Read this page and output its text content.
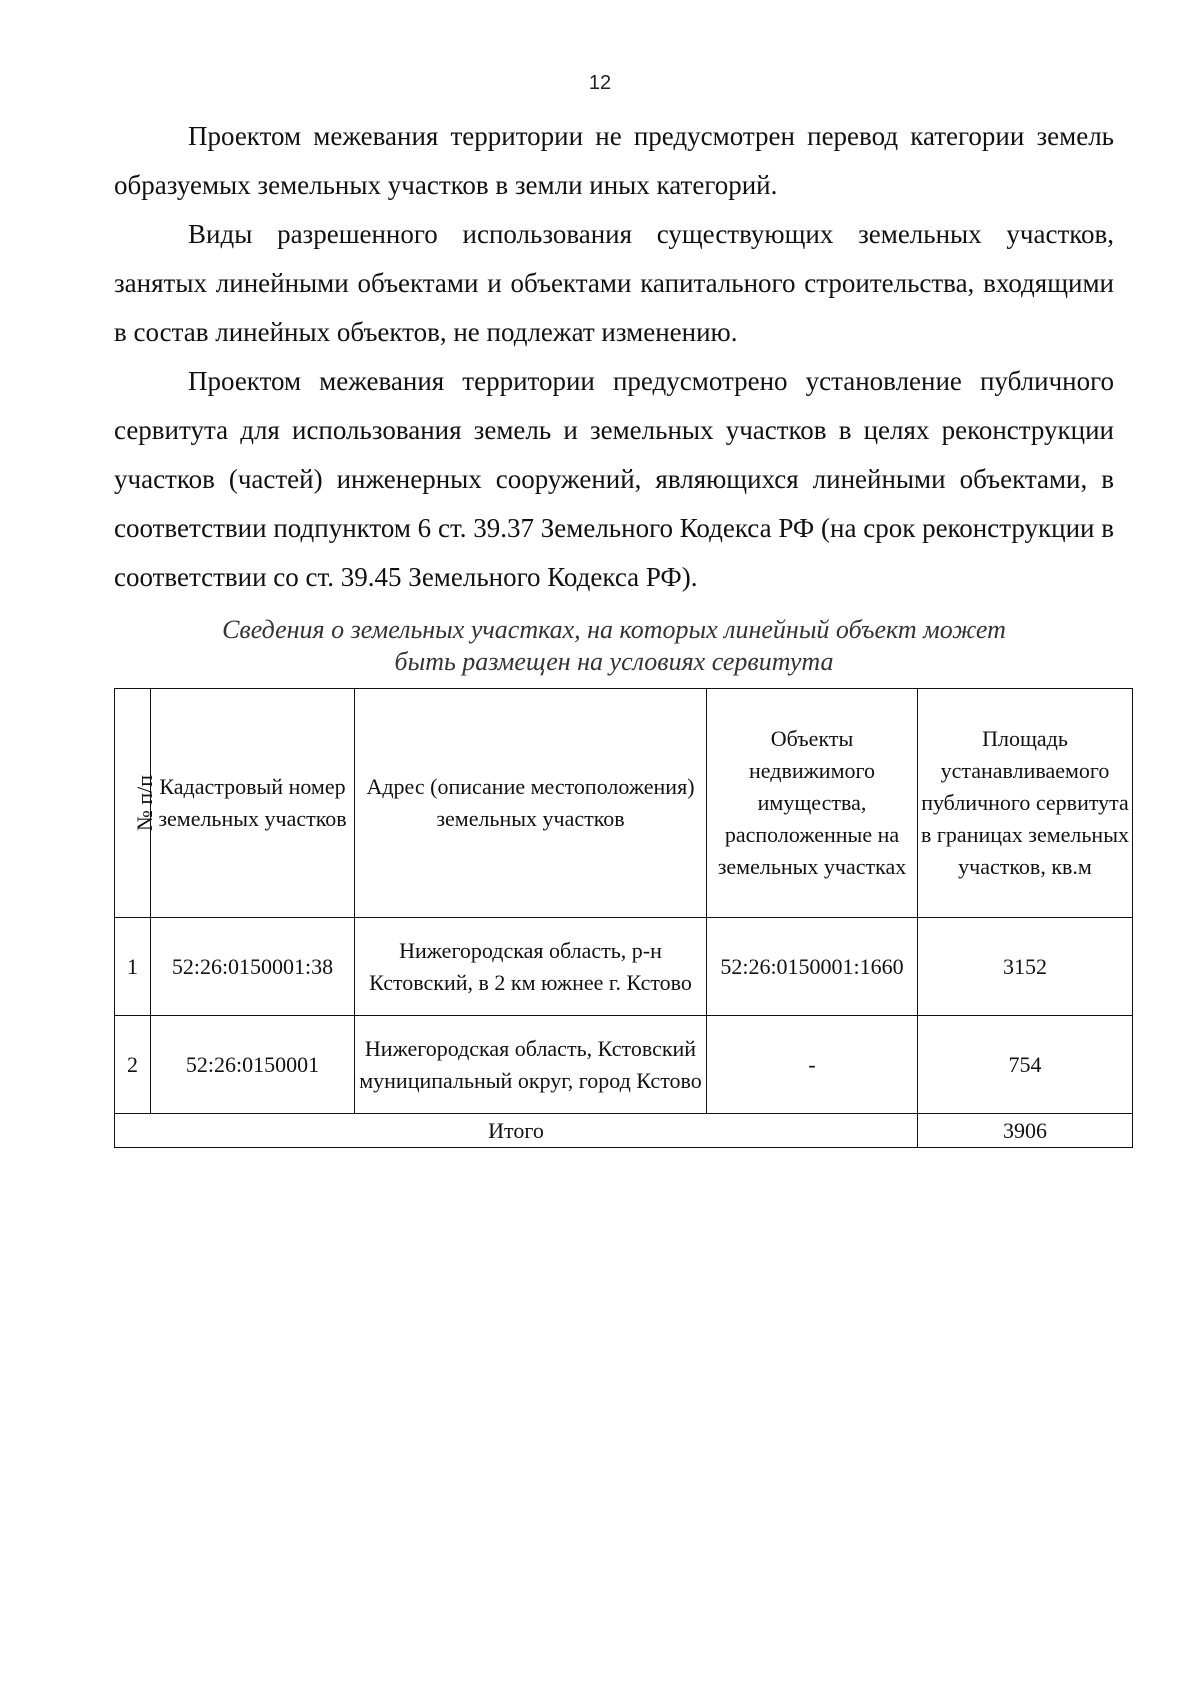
12

Проектом межевания территории не предусмотрен перевод категории земель образуемых земельных участков в земли иных категорий.

Виды разрешенного использования существующих земельных участков, занятых линейными объектами и объектами капитального строительства, входящими в состав линейных объектов, не подлежат изменению.

Проектом межевания территории предусмотрено установление публичного сервитута для использования земель и земельных участков в целях реконструкции участков (частей) инженерных сооружений, являющихся линейными объектами, в соответствии подпунктом 6 ст. 39.37 Земельного Кодекса РФ (на срок реконструкции в соответствии со ст. 39.45 Земельного Кодекса РФ).

Сведения о земельных участках, на которых линейный объект может
быть размещен на условиях сервитута
№ п/п	Кадастровый номер земельных участков	Адрес (описание местоположения) земельных участков	Объекты недвижимого имущества, расположенные на земельных участках	Площадь устанавливаемого публичного сервитута в границах земельных участков, кв.м
1	52:26:0150001:38	Нижегородская область, р-н Кстовский, в 2 км южнее г. Кстово	52:26:0150001:1660	3152
2	52:26:0150001	Нижегородская область, Кстовский муниципальный округ, город Кстово	-	754
Итого				3906
